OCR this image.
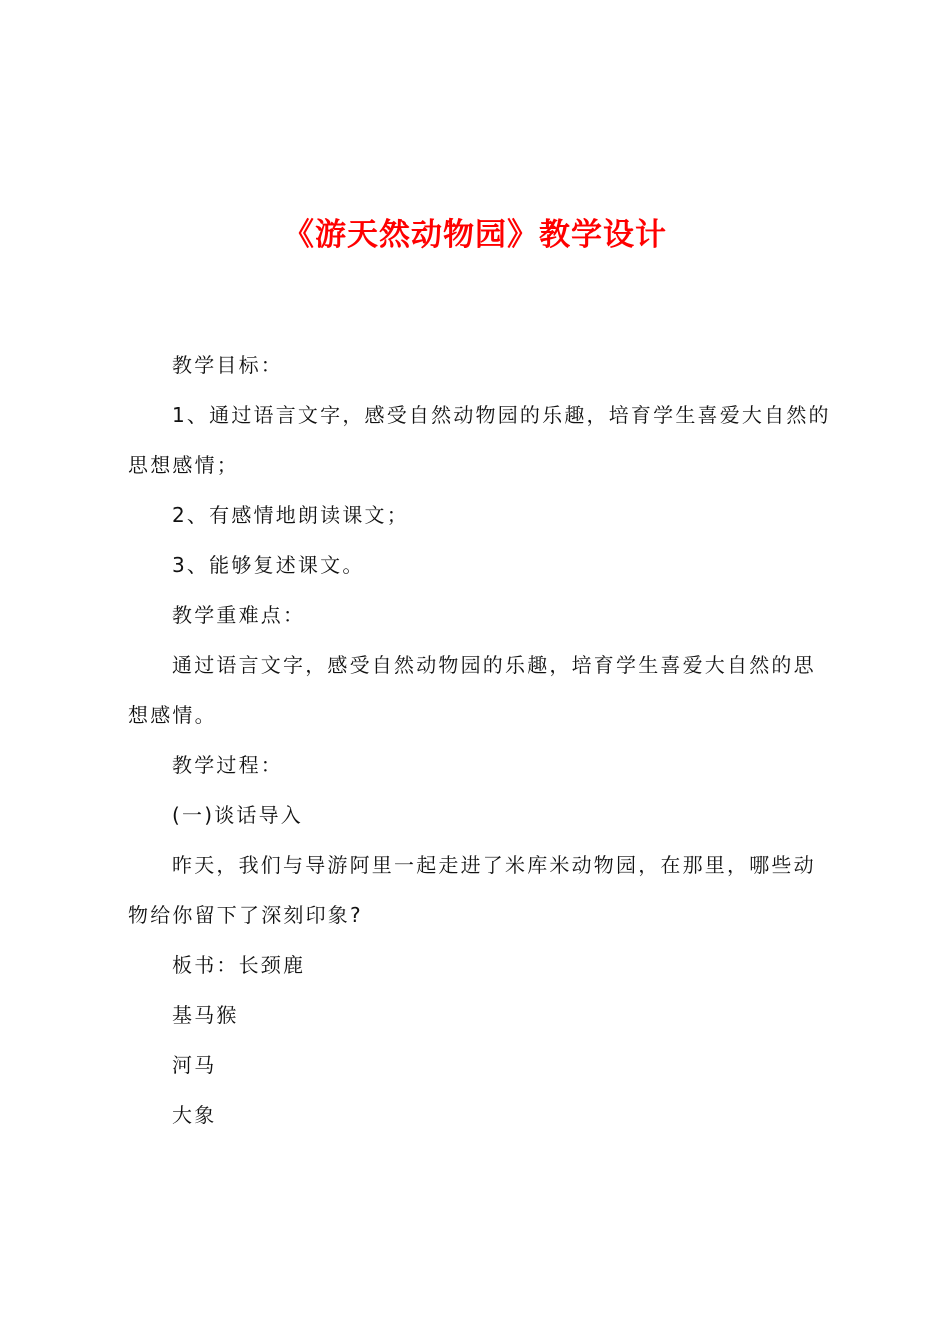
《游天然动物园》教学设计

教学目标：

1、通过语言文字，感受自然动物园的乐趣，培育学生喜爱大自然的思想感情；

2、有感情地朗读课文；

3、能够复述课文。

教学重难点：

通过语言文字，感受自然动物园的乐趣，培育学生喜爱大自然的思想感情。

教学过程：

(一)谈话导入

昨天，我们与导游阿里一起走进了米库米动物园，在那里，哪些动物给你留下了深刻印象?

板书：长颈鹿

基马猴

河马

大象
